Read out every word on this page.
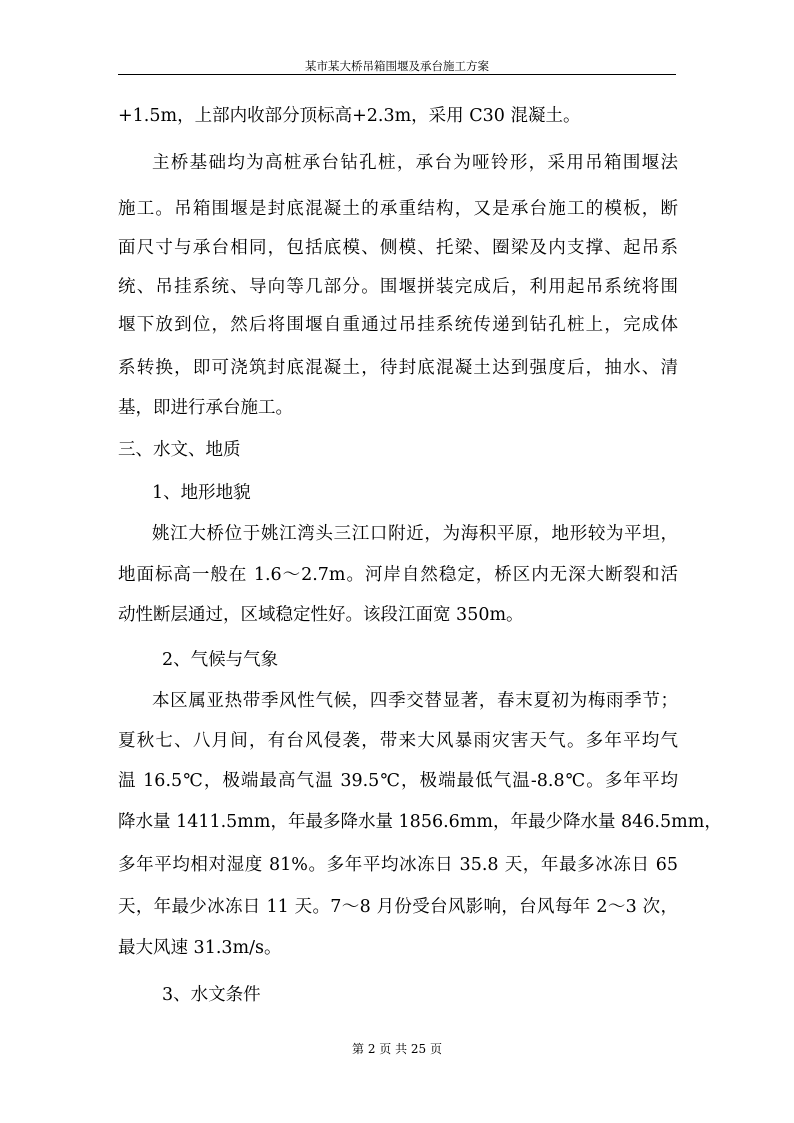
某市某大桥吊箱围堰及承台施工方案
+1.5m，上部内收部分顶标高+2.3m，采用 C30 混凝土。
主桥基础均为高桩承台钻孔桩，承台为哑铃形，采用吊箱围堰法
施工。吊箱围堰是封底混凝土的承重结构，又是承台施工的模板，断
面尺寸与承台相同，包括底模、侧模、托梁、圈梁及内支撑、起吊系
统、吊挂系统、导向等几部分。围堰拼装完成后，利用起吊系统将围
堰下放到位，然后将围堰自重通过吊挂系统传递到钻孔桩上，完成体
系转换，即可浇筑封底混凝土，待封底混凝土达到强度后，抽水、清
基，即进行承台施工。
三、水文、地质
1、地形地貌
姚江大桥位于姚江湾头三江口附近，为海积平原，地形较为平坦，
地面标高一般在 1.6～2.7m。河岸自然稳定，桥区内无深大断裂和活
动性断层通过，区域稳定性好。该段江面宽 350m。
2、气候与气象
本区属亚热带季风性气候，四季交替显著，春末夏初为梅雨季节；
夏秋七、八月间，有台风侵袭，带来大风暴雨灾害天气。多年平均气
温 16.5℃，极端最高气温 39.5℃，极端最低气温-8.8℃。多年平均
降水量 1411.5mm，年最多降水量 1856.6mm，年最少降水量 846.5mm，
多年平均相对湿度 81%。多年平均冰冻日 35.8 天，年最多冰冻日 65
天，年最少冰冻日 11 天。7～8 月份受台风影响，台风每年 2～3 次，
最大风速 31.3m/s。
3、水文条件
第 2 页 共 25 页
